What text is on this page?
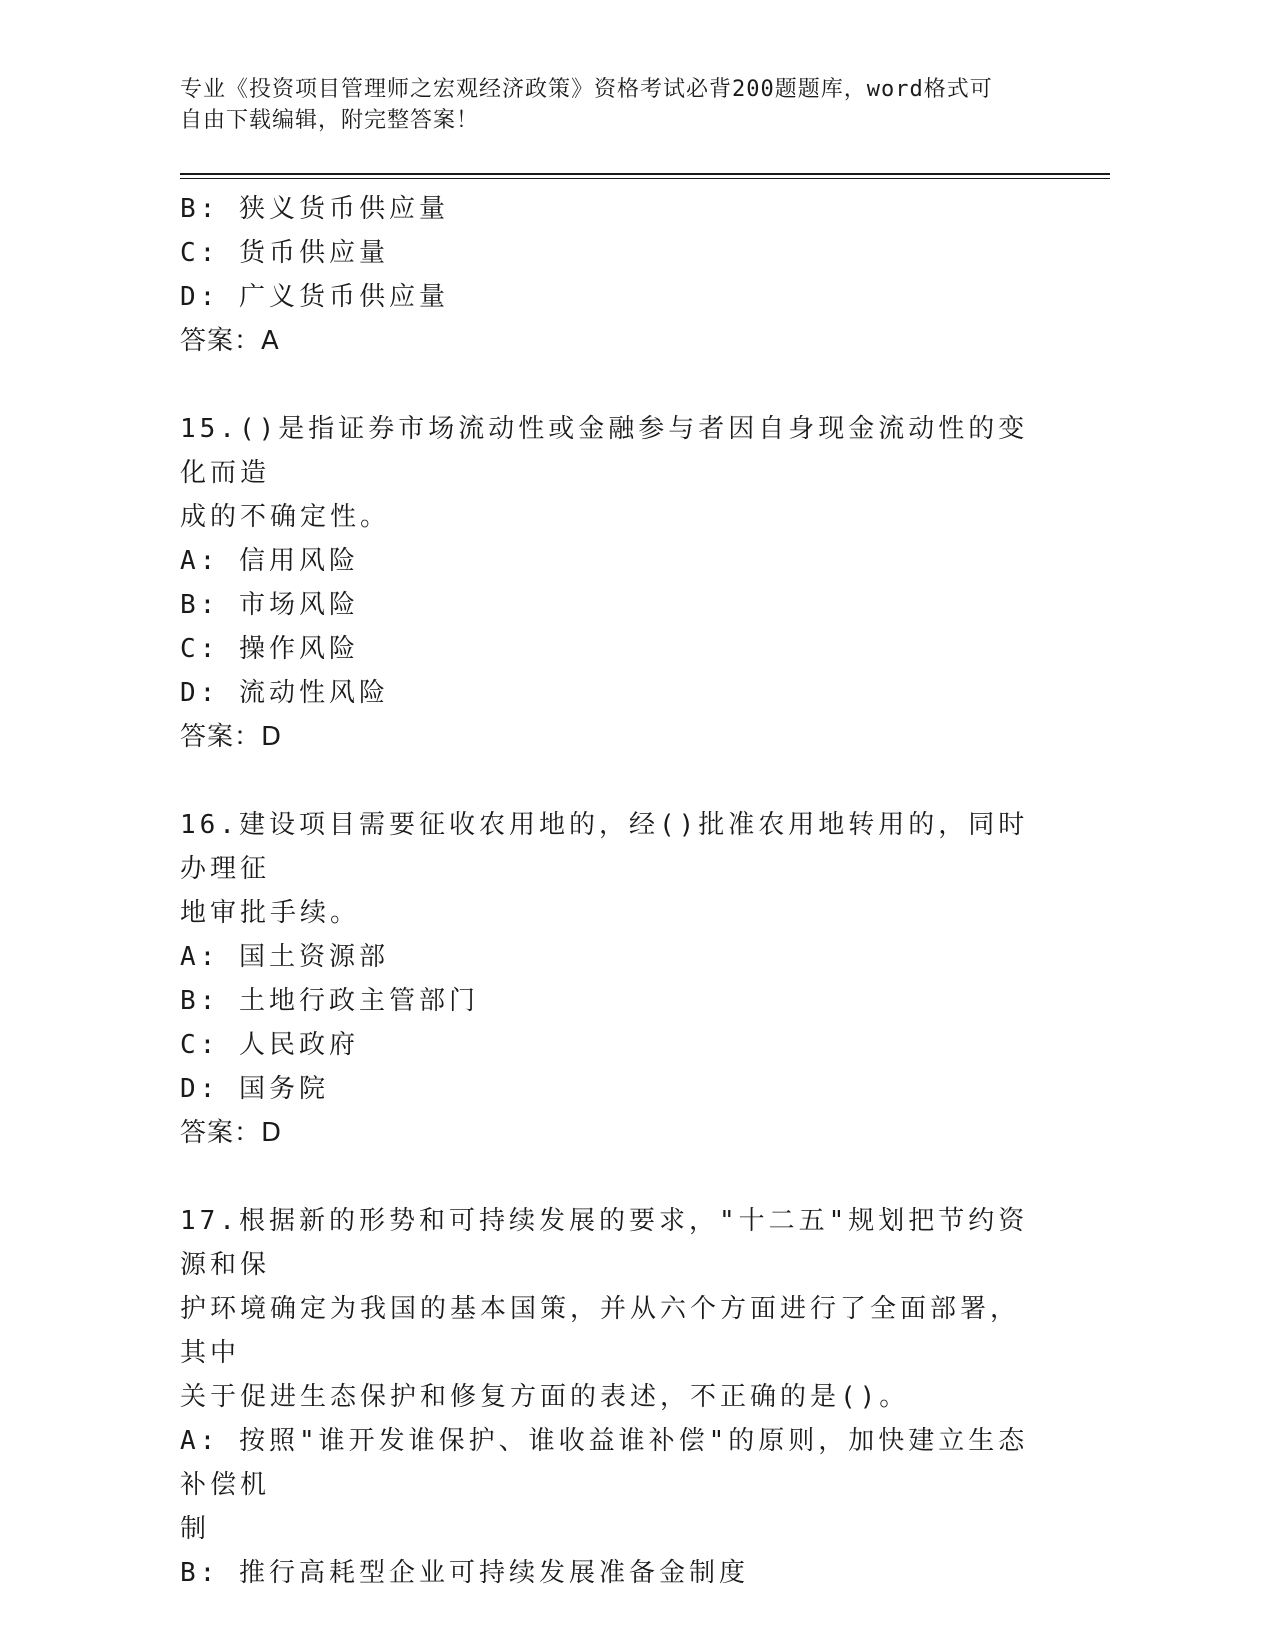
专业《投资项目管理师之宏观经济政策》资格考试必背200题题库，word格式可

自由下载编辑，附完整答案！

B: 狭义货币供应量

C: 货币供应量

D: 广义货币供应量

答案：A

15.()是指证券市场流动性或金融参与者因自身现金流动性的变化而造

成的不确定性。

A: 信用风险

B: 市场风险

C: 操作风险

D: 流动性风险

答案：D

16.建设项目需要征收农用地的，经()批准农用地转用的，同时办理征

地审批手续。

A: 国土资源部

B: 土地行政主管部门

C: 人民政府

D: 国务院

答案：D

17.根据新的形势和可持续发展的要求，"十二五"规划把节约资源和保

护环境确定为我国的基本国策，并从六个方面进行了全面部署，其中

关于促进生态保护和修复方面的表述，不正确的是()。

A: 按照"谁开发谁保护、谁收益谁补偿"的原则，加快建立生态补偿机

制

B: 推行高耗型企业可持续发展准备金制度
